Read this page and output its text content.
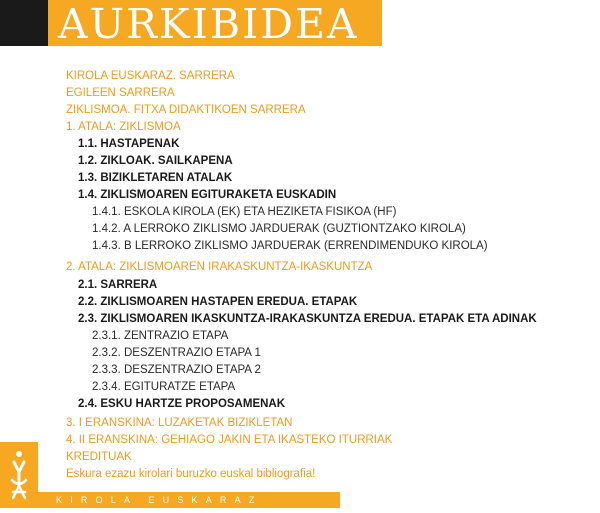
AURKIBIDEA
KIROLA EUSKARAZ. SARRERA
EGILEEN SARRERA
ZIKLISMOA. FITXA DIDAKTIKOEN SARRERA
1. ATALA: ZIKLISMOA
1.1. HASTAPENAK
1.2. ZIKLOAK. SAILKAPENA
1.3. BIZIKLETAREN ATALAK
1.4. ZIKLISMOAREN EGITURAKETA EUSKADIN
1.4.1. ESKOLA KIROLA (EK) ETA HEZIKETA FISIKOA (HF)
1.4.2. A LERROKO ZIKLISMO JARDUERAK (GUZTIONTZAKO KIROLA)
1.4.3. B LERROKO ZIKLISMO JARDUERAK (ERRENDIMENDUKO KIROLA)
2. ATALA: ZIKLISMOAREN IRAKASKUNTZA-IKASKUNTZA
2.1. SARRERA
2.2. ZIKLISMOAREN HASTAPEN EREDUA. ETAPAK
2.3. ZIKLISMOAREN IKASKUNTZA-IRAKASKUNTZA EREDUA. ETAPAK ETA ADINAK
2.3.1. ZENTRAZIO ETAPA
2.3.2. DESZENTRAZIO ETAPA 1
2.3.3. DESZENTRAZIO ETAPA 2
2.3.4. EGITURATZE ETAPA
2.4. ESKU HARTZE PROPOSAMENAK
3. I ERANSKINA: LUZAKETAK BIZIKLETAN
4. II ERANSKINA: GEHIAGO JAKIN ETA IKASTEKO ITURRIAK
KREDITUAK
Eskura ezazu kirolari buruzko euskal bibliografia!
KIROLA EUSKARAZ
